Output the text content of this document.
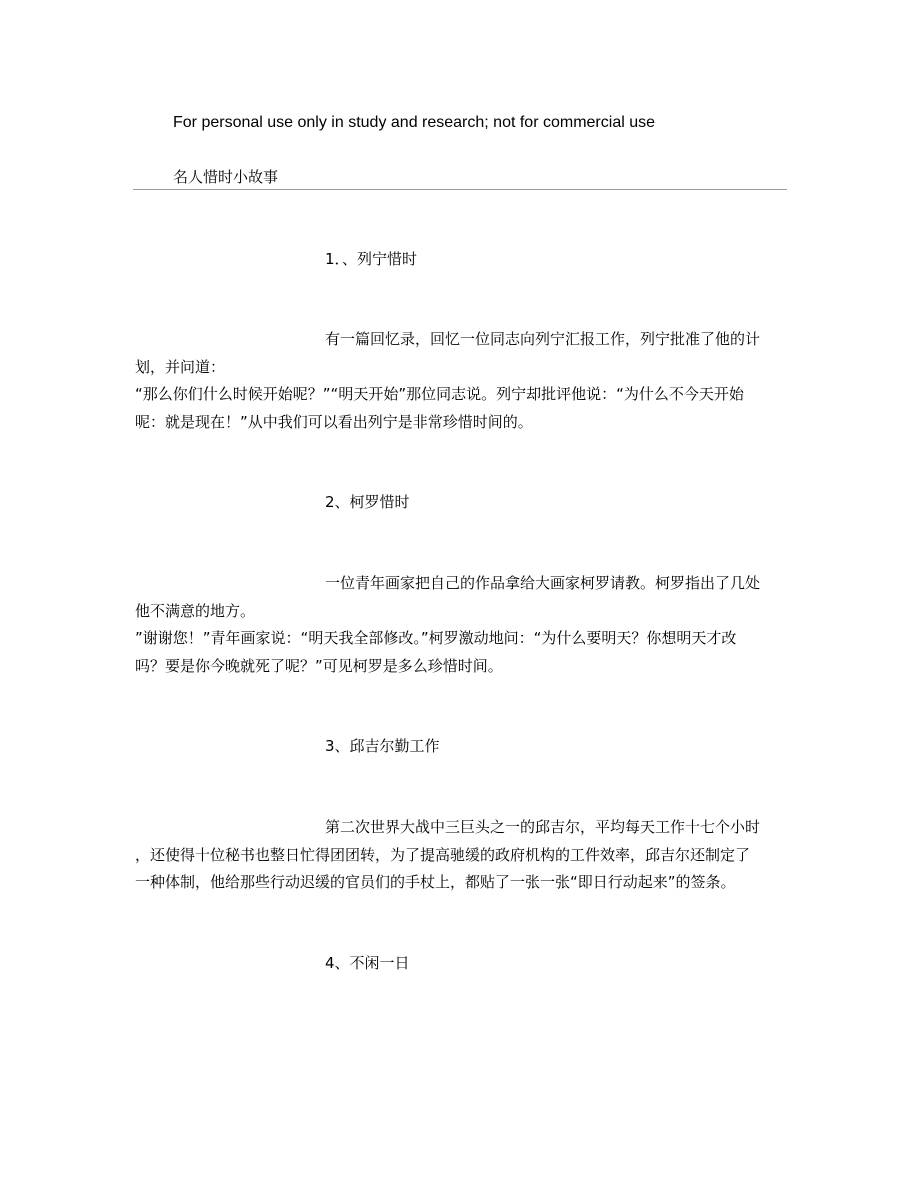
For personal use only in study and research; not for commercial use
名人惜时小故事
1．、列宁惜时
有一篇回忆录，回忆一位同志向列宁汇报工作，列宁批准了他的计
划，并问道：
“那么你们什么时候开始呢？”“明天开始”那位同志说。列宁却批评他说：“为什么不今天开始
呢：就是现在！”从中我们可以看出列宁是非常珍惜时间的。
2、柯罗惜时
一位青年画家把自己的作品拿给大画家柯罗请教。柯罗指出了几处
他不满意的地方。
”谢谢您！”青年画家说：“明天我全部修改。”柯罗激动地问：“为什么要明天？你想明天才改
吗？要是你今晚就死了呢？”可见柯罗是多么珍惜时间。
3、邱吉尔勤工作
第二次世界大战中三巨头之一的邱吉尔，平均每天工作十七个小时
，还使得十位秘书也整日忙得团团转，为了提高驰缓的政府机构的工件效率，邱吉尔还制定了
一种体制，他给那些行动迟缓的官员们的手杖上，都贴了一张一张“即日行动起来”的签条。
4、不闲一日
